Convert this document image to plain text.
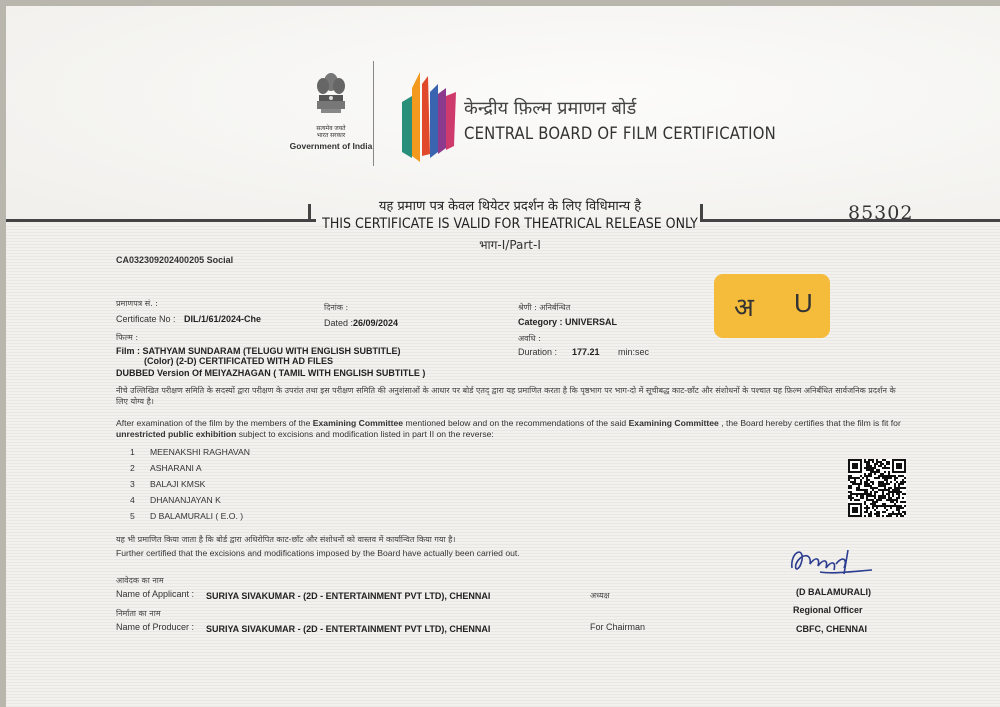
सत्यमेव जयते
भारत सरकार
Government of India
केन्द्रीय फ़िल्म प्रमाणन बोर्ड
CENTRAL BOARD OF FILM CERTIFICATION
यह प्रमाण पत्र केवल थियेटर प्रदर्शन के लिए विधिमान्य है
THIS CERTIFICATE IS VALID FOR THEATRICAL RELEASE ONLY
भाग-I/Part-I
85302
CA032309202400205 Social
प्रमाणपत्र सं. :
Certificate No : DIL/1/61/2024-Che
दिनांक :
Dated : 26/09/2024
श्रेणी : अनिर्बन्धित
Category : UNIVERSAL	अ U
फिल्म :
Film : SATHYAM SUNDARAM (TELUGU WITH ENGLISH SUBTITLE)
(Color) (2-D) CERTIFICATED WITH AD FILES
DUBBED Version Of MEIYAZHAGAN ( TAMIL WITH ENGLISH SUBTITLE )
अवधि :
Duration : 177.21 min:sec
नीचे उल्लिखित परीक्षण समिति के सदस्यों द्वारा परीक्षण के उपरांत तथा इस परीक्षण समिति की अनुशंसाओं के आधार पर बोर्ड एतद् द्वारा यह प्रमाणित करता है कि पृष्ठभाग पर भाग-दो में सूचीबद्ध काट-छाँट और संशोधनों के पश्चात यह फ़िल्म अनिर्बंधित सार्वजनिक प्रदर्शन के लिए योग्य है।
After examination of the film by the members of the Examining Committee mentioned below and on the recommendations of the said Examining Committee , the Board hereby certifies that the film is fit for unrestricted public exhibition subject to excisions and modification listed in part II on the reverse:
1	MEENAKSHI RAGHAVAN
2	ASHARANI A
3	BALAJI KMSK
4	DHANANJAYAN K
5	D BALAMURALI ( E.O. )
यह भी प्रमाणित किया जाता है कि बोर्ड द्वारा अधिरोपित काट-छाँट और संशोधनों को वास्तव में कार्यान्वित किया गया है।
Further certified that the excisions and modifications imposed by the Board have actually been carried out.
आवेदक का नाम
Name of Applicant : SURIYA SIVAKUMAR - (2D - ENTERTAINMENT PVT LTD), CHENNAI	अध्यक्ष
निर्माता का नाम
Name of Producer : SURIYA SIVAKUMAR - (2D - ENTERTAINMENT PVT LTD), CHENNAI	For Chairman
(D BALAMURALI)
Regional Officer
CBFC, CHENNAI
